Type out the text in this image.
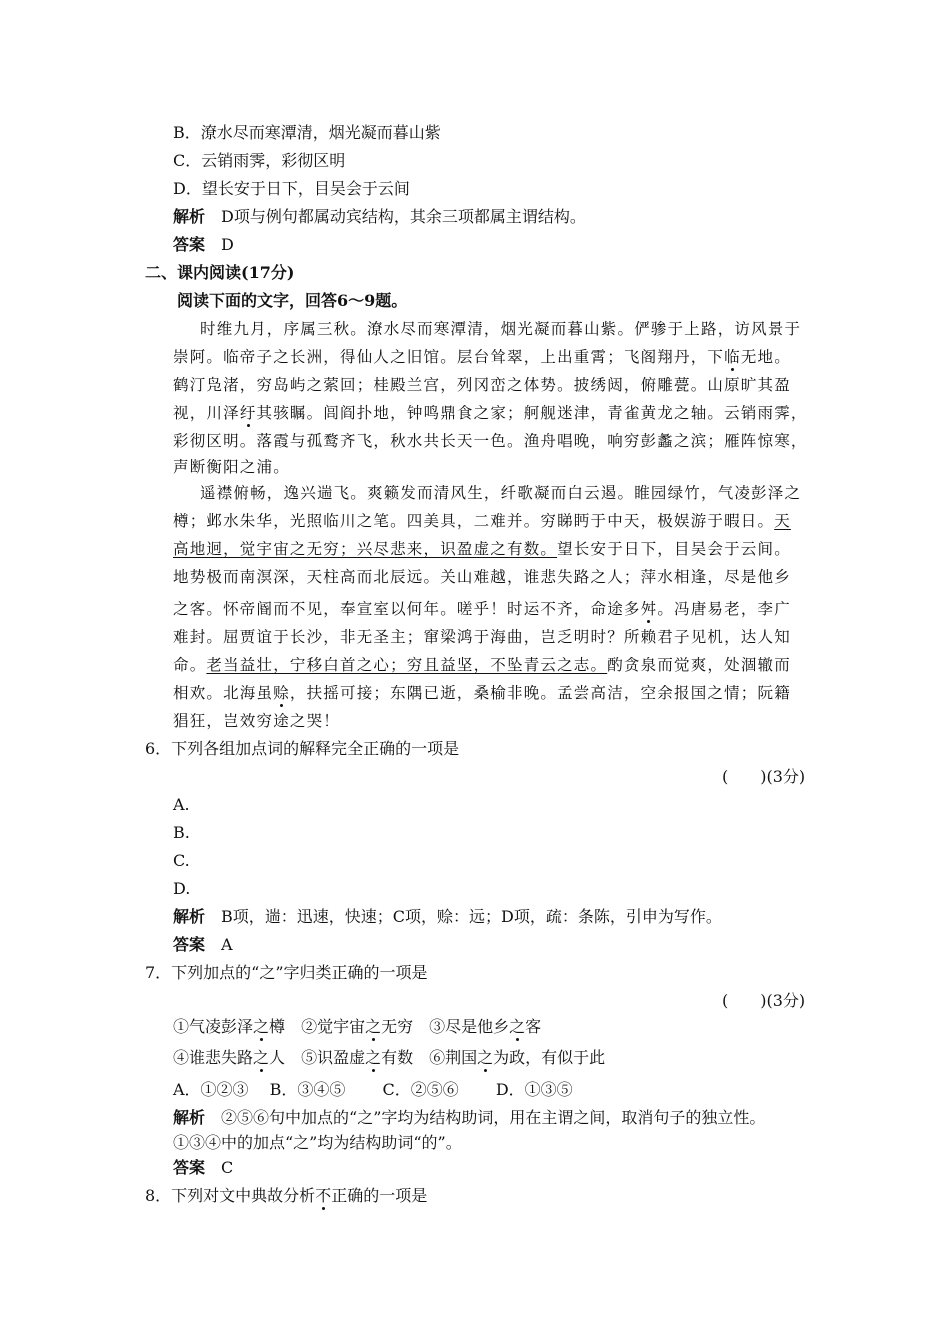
B．潦水尽而寒潭清，烟光凝而暮山紫
C．云销雨霁，彩彻区明
D．望长安于日下，目吴会于云间
解析　 D项与例句都属动宾结构，其余三项都属主谓结构。
答案　 D
二、课内阅读(17分)
阅读下面的文字，回答6～9题。
时维九月，序属三秋。潦水尽而寒潭清，烟光凝而暮山紫。俨骖于上路，访风景于
崇阿。临帝子之长洲，得仙人之旧馆。层台耸翠，上出重霄；飞阁翔丹，下临无地。
鹤汀凫渚，穷岛屿之萦回；桂殿兰宫，列冈峦之体势。披绣闼，俯雕甍。山原旷其盈
视，川泽纡其骇瞩。闾阎扑地，钟鸣鼎食之家；舸舰迷津，青雀黄龙之轴。云销雨霁，
彩彻区明。落霞与孤鹜齐飞，秋水共长天一色。渔舟唱晚，响穷彭蠡之滨；雁阵惊寒，
声断衡阳之浦。
遥襟俯畅，逸兴遄飞。爽籁发而清风生，纤歌凝而白云遏。睢园绿竹，气凌彭泽之
樽；邺水朱华，光照临川之笔。四美具，二难并。穷睇眄于中天，极娱游于暇日。天
高地迥，觉宇宙之无穷；兴尽悲来，识盈虚之有数。望长安于日下，目吴会于云间。
地势极而南溟深，天柱高而北辰远。关山难越，谁悲失路之人；萍水相逢，尽是他乡
之客。怀帝阍而不见，奉宣室以何年。嗟乎！时运不齐，命途多舛。冯唐易老，李广
难封。屈贾谊于长沙，非无圣主；窜梁鸿于海曲，岂乏明时？所赖君子见机，达人知
命。老当益壮，宁移白首之心；穷且益坚，不坠青云之志。酌贪泉而觉爽，处涸辙而
相欢。北海虽赊，扶摇可接；东隅已逝，桑榆非晚。孟尝高洁，空余报国之情；阮籍
猖狂，岂效穷途之哭！
6．下列各组加点词的解释完全正确的一项是
(　　)(3分)
A.
B.
C.
D.
解析　 B项，遄：迅速，快速；C项，赊：远；D项，疏：条陈，引申为写作。
答案　 A
7．下列加点的“之”字归类正确的一项是
(　　)(3分)
①气凌彭泽之樽　 ②觉宇宙之无穷　 ③尽是他乡之客
④谁悲失路之人　 ⑤识盈虚之有数　 ⑥荆国之为政，有似于此
A．①②③　 B．③④⑤　 　C．②⑤⑥　 　D．①③⑤
解析　 ②⑤⑥句中加点的“之”字均为结构助词，用在主谓之间，取消句子的独立性。
①③④中的加点“之”均为结构助词“的”。
答案　 C
8．下列对文中典故分析不正确的一项是
